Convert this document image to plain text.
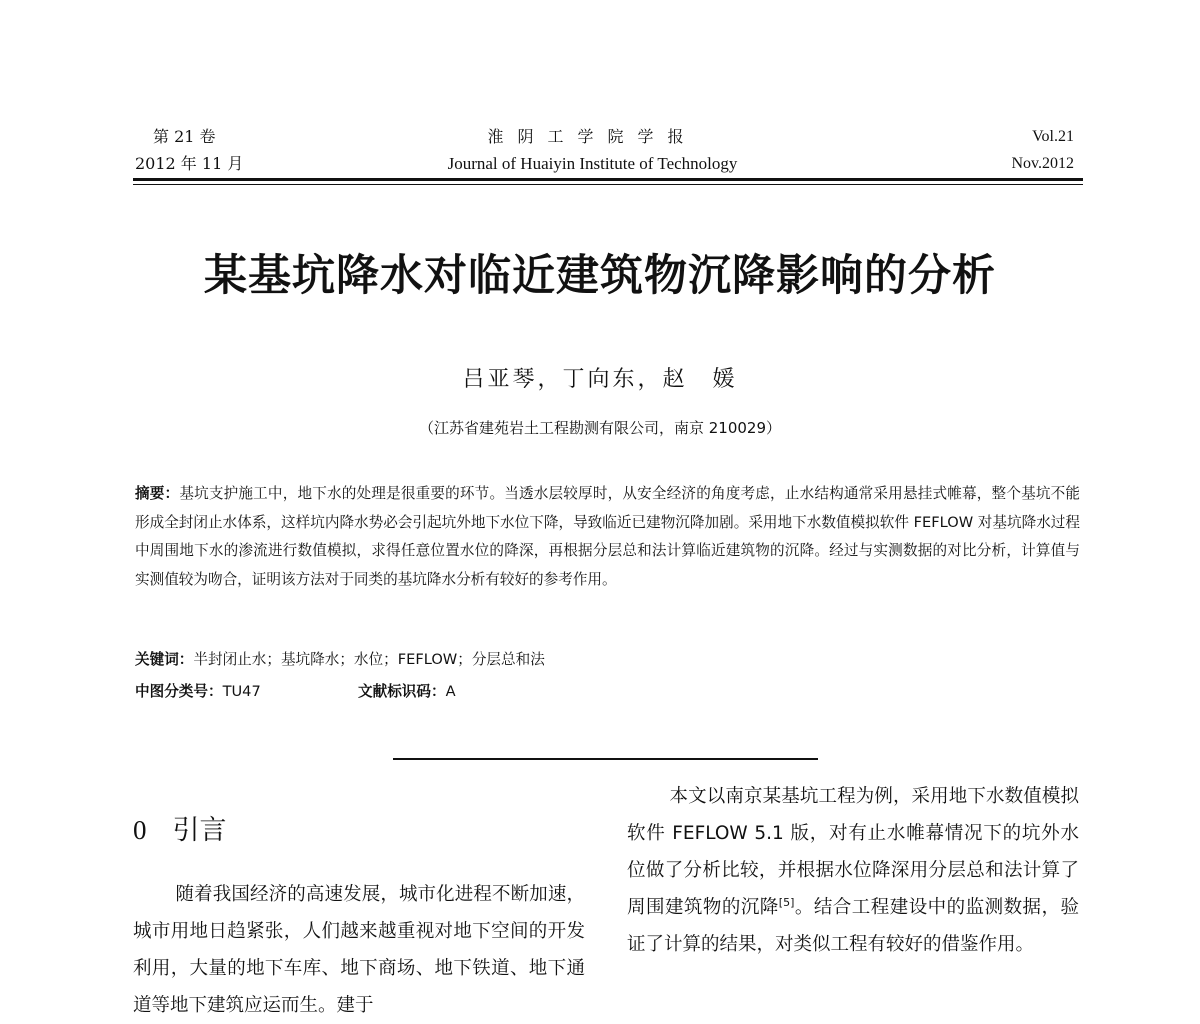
第 21 卷
2012 年 11 月
淮阴工学院学报
Journal of Huaiyin Institute of Technology
Vol.21
Nov.2012
某基坑降水对临近建筑物沉降影响的分析
吕亚琴，丁向东，赵　媛
（江苏省建苑岩土工程勘测有限公司，南京 210029）
摘要：基坑支护施工中，地下水的处理是很重要的环节。当透水层较厚时，从安全经济的角度考虑，止水结构通常采用悬挂式帷幕，整个基坑不能形成全封闭止水体系，这样坑内降水势必会引起坑外地下水位下降，导致临近已建物沉降加剧。采用地下水数值模拟软件 FEFLOW 对基坑降水过程中周围地下水的渗流进行数值模拟，求得任意位置水位的降深，再根据分层总和法计算临近建筑物的沉降。经过与实测数据的对比分析，计算值与实测值较为吻合，证明该方法对于同类的基坑降水分析有较好的参考作用。
关键词：半封闭止水；基坑降水；水位；FEFLOW；分层总和法
中图分类号：TU47	文献标识码：A
0 引言

随着我国经济的高速发展，城市化进程不断加速，城市用地日趋紧张，人们越来越重视对地下空间的开发利用，大量的地下车库、地下商场、地下铁道、地下通道等地下建筑应运而生。建于

本文以南京某基坑工程为例，采用地下水数值模拟软件 FEFLOW 5.1 版，对有止水帷幕情况下的坑外水位做了分析比较，并根据水位降深用分层总和法计算了周围建筑物的沉降[5]。结合工程建设中的监测数据，验证了计算的结果，对类似工程有较好的借鉴作用。
